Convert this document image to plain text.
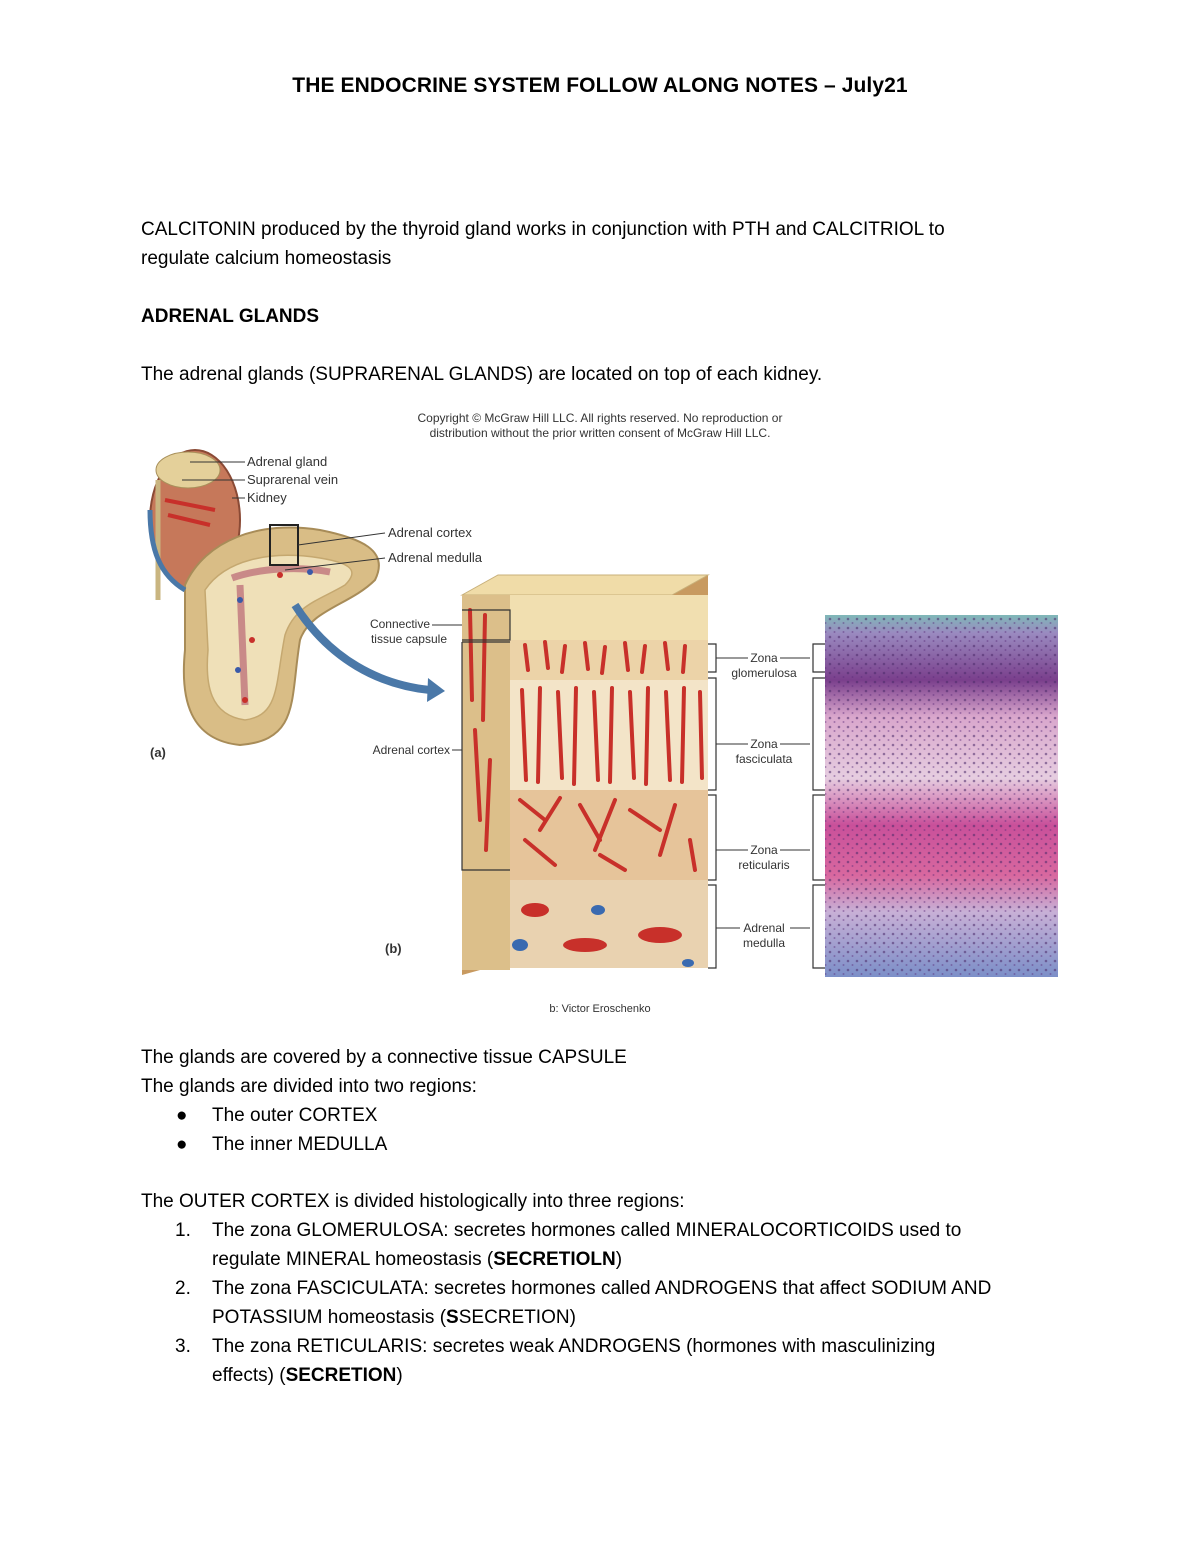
THE ENDOCRINE SYSTEM FOLLOW ALONG NOTES – July21
CALCITONIN produced by the thyroid gland works in conjunction with PTH and CALCITRIOL to
regulate calcium homeostasis
ADRENAL GLANDS
The adrenal glands (SUPRARENAL GLANDS) are located on top of each kidney.
Copyright © McGraw Hill LLC. All rights reserved. No reproduction or
distribution without the prior written consent of McGraw Hill LLC.
Adrenal gland
Suprarenal vein
Kidney
Adrenal cortex
Adrenal medulla
(a)
Connective
tissue capsule
Adrenal cortex
Zona
glomerulosa
Zona
fasciculata
Zona
reticularis
Adrenal
medulla
(b)
b: Victor Eroschenko
The glands are covered by a connective tissue CAPSULE
The glands are divided into two regions:
● The outer CORTEX
● The inner MEDULLA
The OUTER CORTEX is divided histologically into three regions:
1. The zona GLOMERULOSA: secretes hormones called MINERALOCORTICOIDS used to
regulate MINERAL homeostasis (SECRETIOLN)
2. The zona FASCICULATA: secretes hormones called ANDROGENS that affect SODIUM AND
POTASSIUM homeostasis (SSECRETION)
3. The zona RETICULARIS: secretes weak ANDROGENS (hormones with masculinizing
effects) (SECRETION)
